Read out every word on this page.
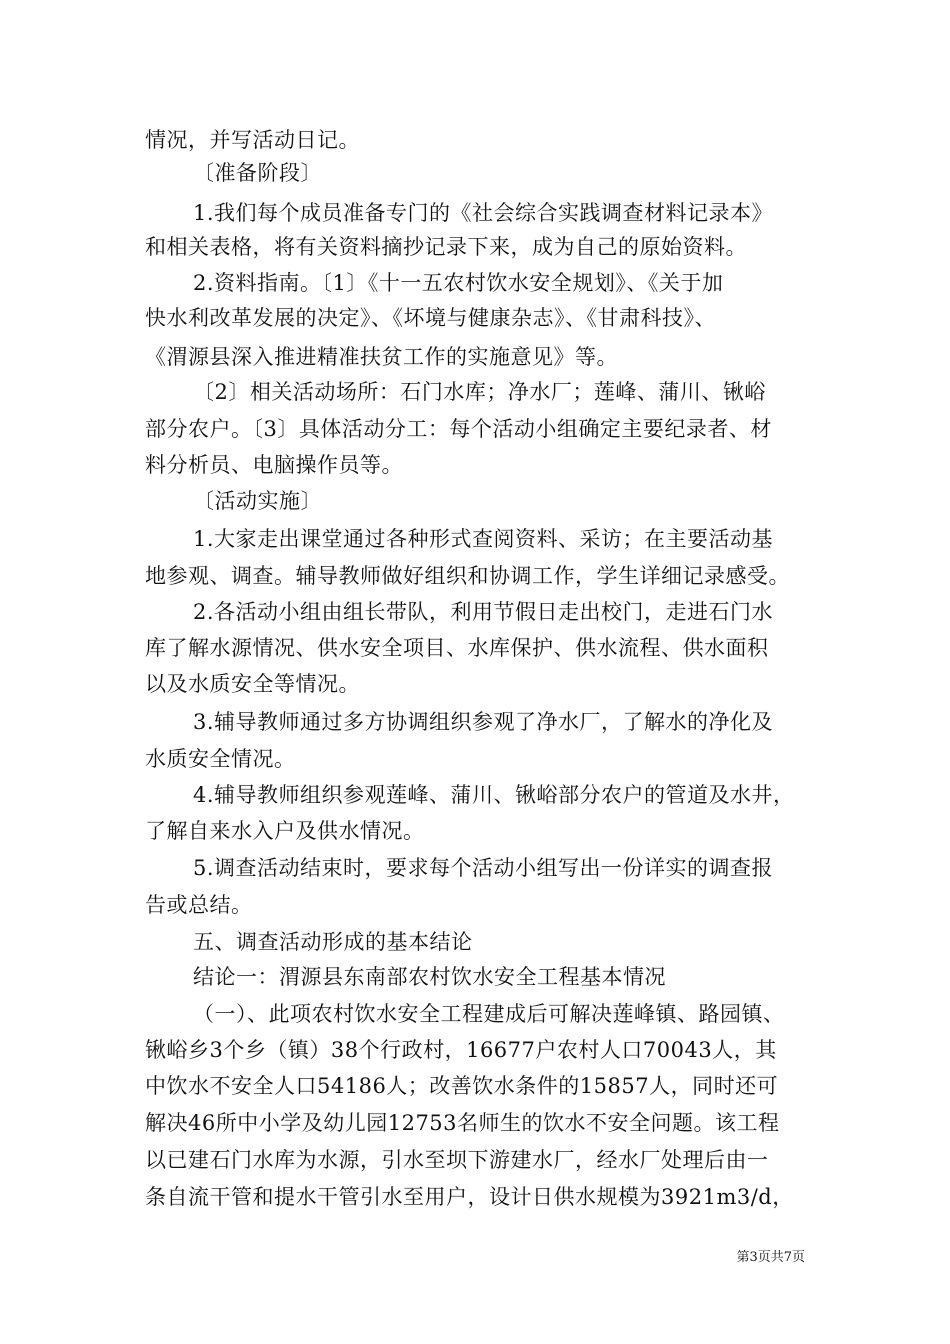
情况，并写活动日记。
〔准备阶段〕
1.我们每个成员准备专门的《社会综合实践调查材料记录本》
和相关表格，将有关资料摘抄记录下来，成为自己的原始资料。
2.资料指南。〔1〕《十一五农村饮水安全规划》、《关于加
快水利改革发展的决定》、《坏境与健康杂志》、《甘肃科技》、
《渭源县深入推进精准扶贫工作的实施意见》等。
〔2〕相关活动场所：石门水库；净水厂；莲峰、蒲川、锹峪
部分农户。〔3〕具体活动分工：每个活动小组确定主要纪录者、材
料分析员、电脑操作员等。
〔活动实施〕
1.大家走出课堂通过各种形式查阅资料、采访；在主要活动基
地参观、调查。辅导教师做好组织和协调工作，学生详细记录感受。
2.各活动小组由组长带队，利用节假日走出校门，走进石门水
库了解水源情况、供水安全项目、水库保护、供水流程、供水面积
以及水质安全等情况。
3.辅导教师通过多方协调组织参观了净水厂，了解水的净化及
水质安全情况。
4.辅导教师组织参观莲峰、蒲川、锹峪部分农户的管道及水井，
了解自来水入户及供水情况。
5.调查活动结束时，要求每个活动小组写出一份详实的调查报
告或总结。
五、调查活动形成的基本结论
结论一：渭源县东南部农村饮水安全工程基本情况
（一）、此项农村饮水安全工程建成后可解决莲峰镇、路园镇、
锹峪乡3个乡（镇）38个行政村，16677户农村人口70043人，其
中饮水不安全人口54186人；改善饮水条件的15857人，同时还可
解决46所中小学及幼儿园12753名师生的饮水不安全问题。该工程
以已建石门水库为水源，引水至坝下游建水厂，经水厂处理后由一
条自流干管和提水干管引水至用户，设计日供水规模为3921m3/d，
第3页共7页
